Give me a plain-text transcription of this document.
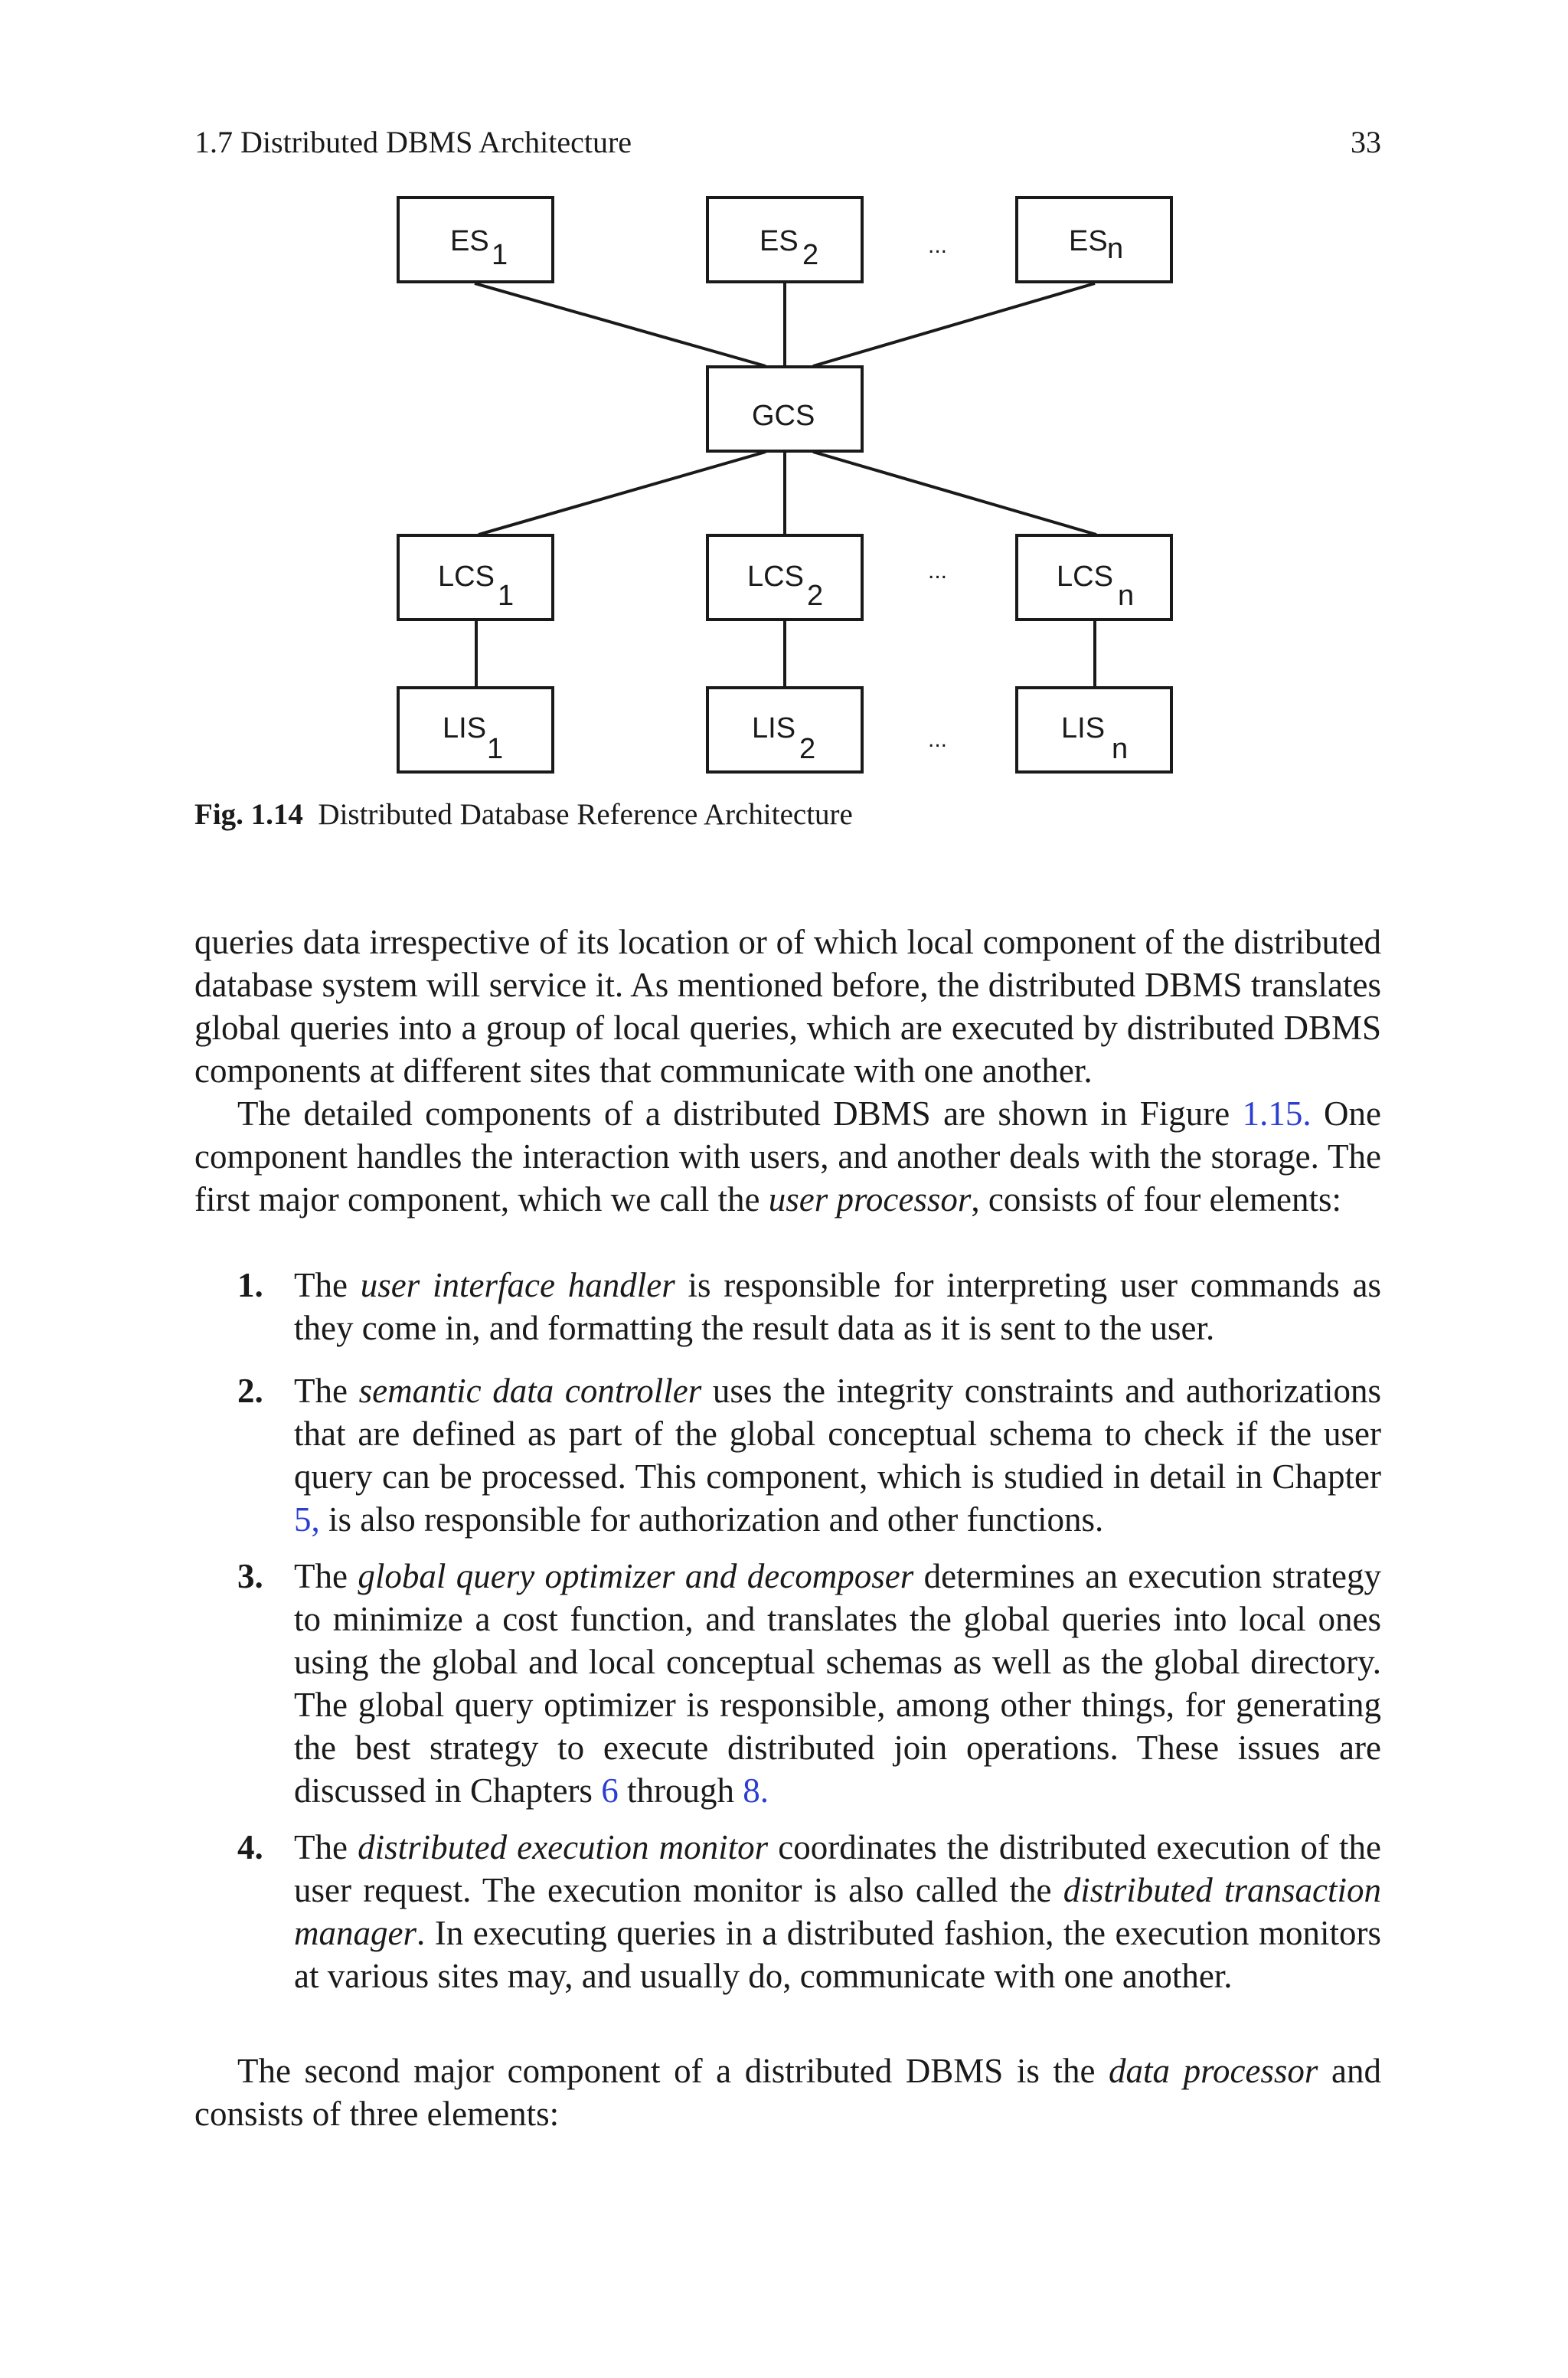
1.7 Distributed DBMS Architecture	33
ES 1	ES 2	ES n
GCS
LCS
1
LCS
2
LCS
n
LIS
1
LIS
2
LIS
n
...
...
...
Fig. 1.14 Distributed Database Reference Architecture

queries data irrespective of its location or of which local component of the distributed database system will service it. As mentioned before, the distributed DBMS translates global queries into a group of local queries, which are executed by distributed DBMS components at different sites that communicate with one another.

The detailed components of a distributed DBMS are shown in Figure 1.15. One component handles the interaction with users, and another deals with the storage. The first major component, which we call the user processor, consists of four elements:

1. The user interface handler is responsible for interpreting user commands as they come in, and formatting the result data as it is sent to the user.
2. The semantic data controller uses the integrity constraints and authorizations that are defined as part of the global conceptual schema to check if the user query can be processed. This component, which is studied in detail in Chapter 5, is also responsible for authorization and other functions.
3. The global query optimizer and decomposer determines an execution strategy to minimize a cost function, and translates the global queries into local ones using the global and local conceptual schemas as well as the global directory. The global query optimizer is responsible, among other things, for generating the best strategy to execute distributed join operations. These issues are discussed in Chapters 6 through 8.
4. The distributed execution monitor coordinates the distributed execution of the user request. The execution monitor is also called the distributed transaction manager. In executing queries in a distributed fashion, the execution monitors at various sites may, and usually do, communicate with one another.

The second major component of a distributed DBMS is the data processor and consists of three elements:
